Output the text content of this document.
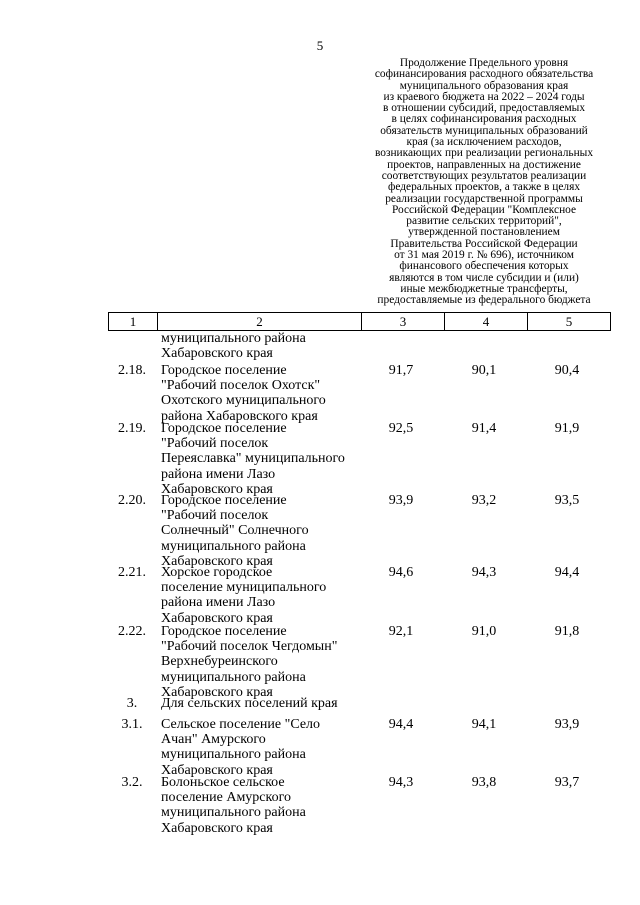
5
Продолжение Предельного уровня
софинансирования расходного обязательства
муниципального образования края
из краевого бюджета на 2022 – 2024 годы
в отношении субсидий, предоставляемых
в целях софинансирования расходных
обязательств муниципальных образований
края (за исключением расходов,
возникающих при реализации региональных
проектов, направленных на достижение
соответствующих результатов реализации
федеральных проектов, а также в целях
реализации государственной программы
Российской Федерации "Комплексное
развитие сельских территорий",
утвержденной постановлением
Правительства Российской Федерации
от 31 мая 2019 г. № 696), источником
финансового обеспечения которых
являются в том числе субсидии и (или)
иные межбюджетные трансферты,
предоставляемые из федерального бюджета
1	2	3	4	5
муниципального района
Хабаровского края
2.18.	Городское поселение
"Рабочий поселок Охотск"
Охотского муниципального
района Хабаровского края
91,7	90,1	90,4
2.19.	Городское поселение
"Рабочий поселок
Переяславка" муниципального
района имени Лазо
Хабаровского края
92,5	91,4	91,9
2.20.	Городское поселение
"Рабочий поселок
Солнечный" Солнечного
муниципального района
Хабаровского края
93,9	93,2	93,5
2.21.	Хорское городское
поселение муниципального
района имени Лазо
Хабаровского края
94,6	94,3	94,4
2.22.	Городское поселение
"Рабочий поселок Чегдомын"
Верхнебуреинского
муниципального района
Хабаровского края
92,1	91,0	91,8
3.	Для сельских поселений края
3.1.	Сельское поселение "Село
Ачан" Амурского
муниципального района
Хабаровского края
94,4	94,1	93,9
3.2.	Болоньское сельское
поселение Амурского
муниципального района
Хабаровского края
94,3	93,8	93,7
